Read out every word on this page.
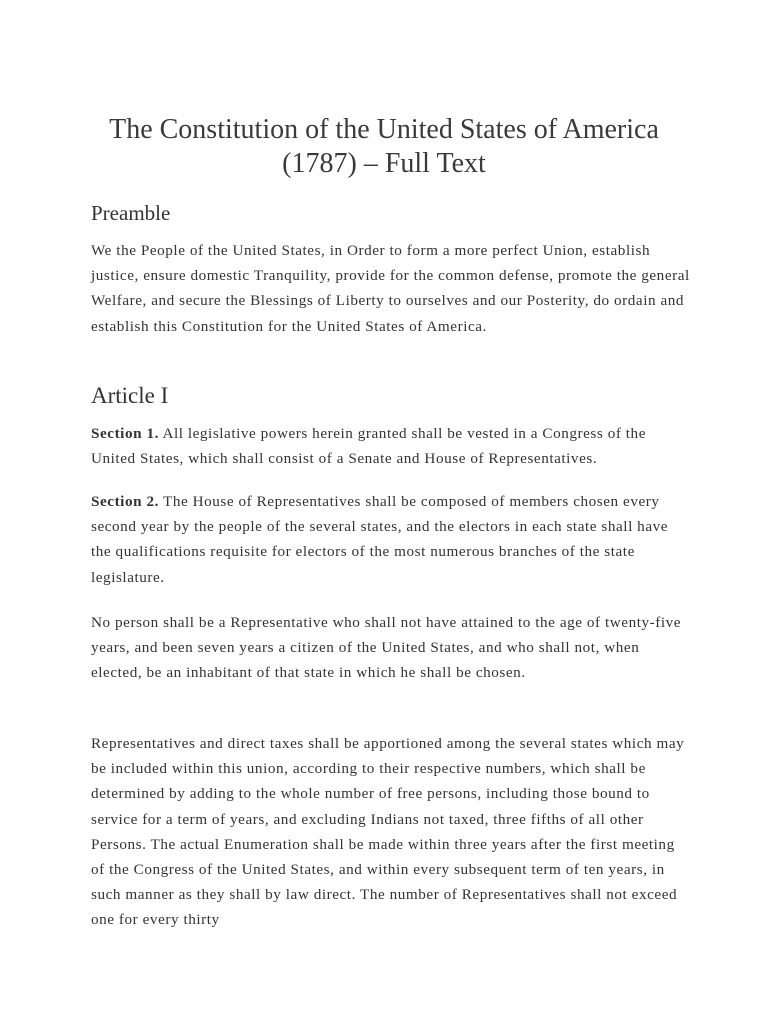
The Constitution of the United States of America
(1787) – Full Text
Preamble

We the People of the United States, in Order to form a more perfect Union, establish justice, ensure domestic Tranquility, provide for the common defense, promote the general Welfare, and secure the Blessings of Liberty to ourselves and our Posterity, do ordain and establish this Constitution for the United States of America.

Article I

Section 1. All legislative powers herein granted shall be vested in a Congress of the United States, which shall consist of a Senate and House of Representatives.

Section 2. The House of Representatives shall be composed of members chosen every second year by the people of the several states, and the electors in each state shall have the qualifications requisite for electors of the most numerous branches of the state legislature.

No person shall be a Representative who shall not have attained to the age of twenty-five years, and been seven years a citizen of the United States, and who shall not, when elected, be an inhabitant of that state in which he shall be chosen.

Representatives and direct taxes shall be apportioned among the several states which may be included within this union, according to their respective numbers, which shall be determined by adding to the whole number of free persons, including those bound to service for a term of years, and excluding Indians not taxed, three fifths of all other Persons. The actual Enumeration shall be made within three years after the first meeting of the Congress of the United States, and within every subsequent term of ten years, in such manner as they shall by law direct. The number of Representatives shall not exceed one for every thirty
